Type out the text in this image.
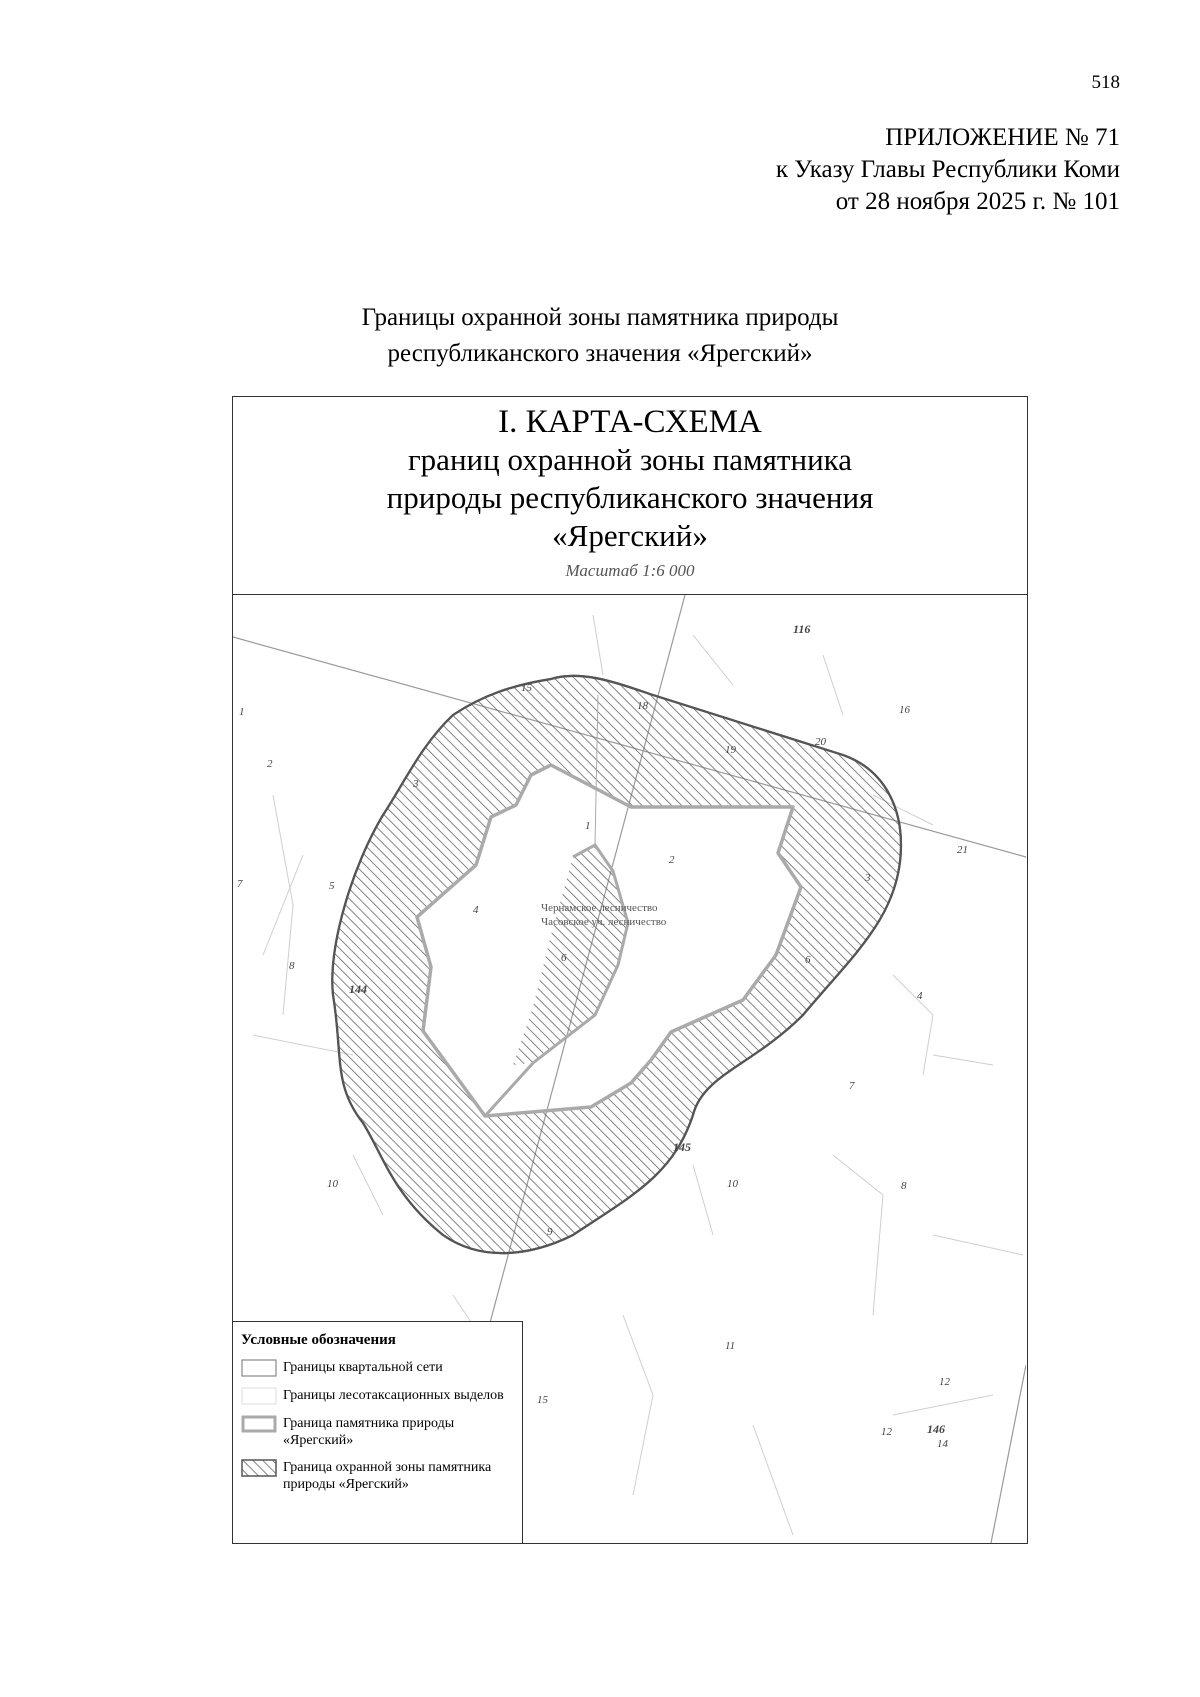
518
ПРИЛОЖЕНИЕ № 71
к Указу Главы Республики Коми
от 28 ноября 2025 г. № 101
Границы охранной зоны памятника природы
республиканского значения «Ярегский»
I. КАРТА-СХЕМА
границ охранной зоны памятника
природы республиканского значения
«Ярегский»
Масштаб 1:6 000
Чернамское лесничество
Часовское уч. лесничество
116
16
15
18
19
20
1
2
3
1
2
21
3
7	5
4
8
144
6	6
4
7
145
10	10	8
9
11
15
12
12	146
14
Условные обозначения
Границы квартальной сети
Границы лесотаксационных выделов
Граница памятника природы «Ярегский»
Граница охранной зоны памятника природы «Ярегский»
